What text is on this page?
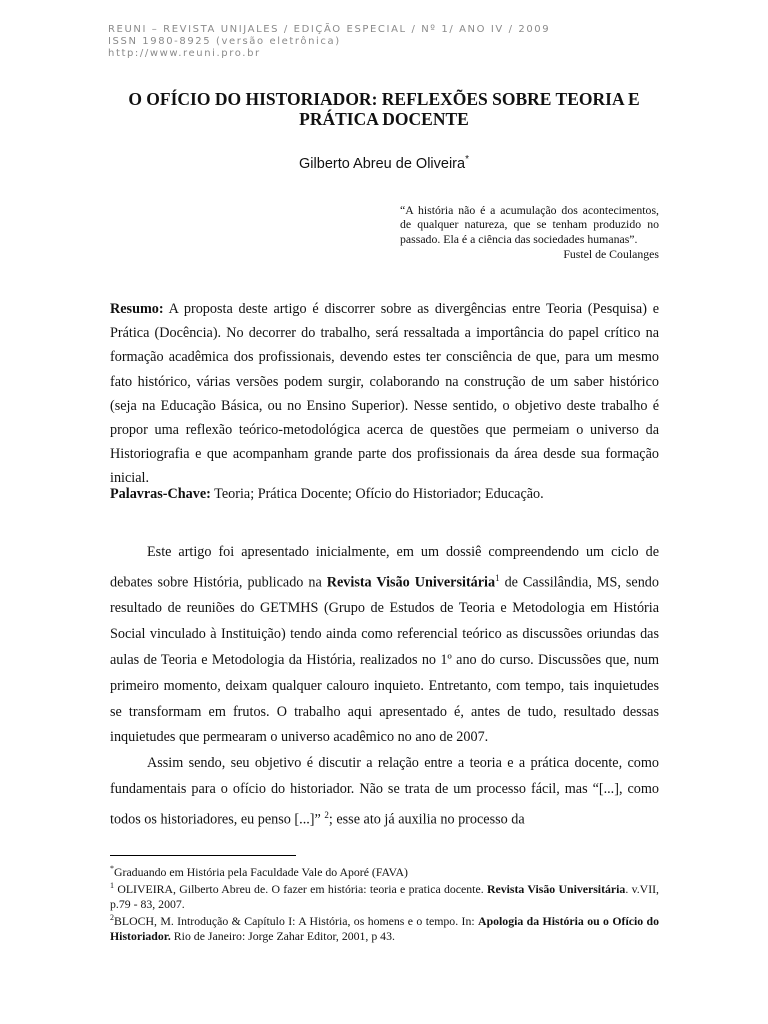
REUNI – REVISTA UNIJALES / EDIÇÃO ESPECIAL / Nº 1/ ANO IV / 2009
ISSN 1980-8925 (versão eletrônica)
http://www.reuni.pro.br
O OFÍCIO DO HISTORIADOR: REFLEXÕES SOBRE TEORIA E PRÁTICA DOCENTE
Gilberto Abreu de Oliveira*
“A história não é a acumulação dos acontecimentos, de qualquer natureza, que se tenham produzido no passado. Ela é a ciência das sociedades humanas”.
Fustel de Coulanges
Resumo: A proposta deste artigo é discorrer sobre as divergências entre Teoria (Pesquisa) e Prática (Docência). No decorrer do trabalho, será ressaltada a importância do papel crítico na formação acadêmica dos profissionais, devendo estes ter consciência de que, para um mesmo fato histórico, várias versões podem surgir, colaborando na construção de um saber histórico (seja na Educação Básica, ou no Ensino Superior). Nesse sentido, o objetivo deste trabalho é propor uma reflexão teórico-metodológica acerca de questões que permeiam o universo da Historiografia e que acompanham grande parte dos profissionais da área desde sua formação inicial.
Palavras-Chave: Teoria; Prática Docente; Ofício do Historiador; Educação.

Este artigo foi apresentado inicialmente, em um dossiê compreendendo um ciclo de debates sobre História, publicado na Revista Visão Universitária$^1$ de Cassilândia, MS, sendo resultado de reuniões do GETMHS (Grupo de Estudos de Teoria e Metodologia em História Social vinculado à Instituição) tendo ainda como referencial teórico as discussões oriundas das aulas de Teoria e Metodologia da História, realizados no 1º ano do curso. Discussões que, num primeiro momento, deixam qualquer calouro inquieto. Entretanto, com tempo, tais inquietudes se transformam em frutos. O trabalho aqui apresentado é, antes de tudo, resultado dessas inquietudes que permearam o universo acadêmico no ano de 2007.

Assim sendo, seu objetivo é discutir a relação entre a teoria e a prática docente, como fundamentais para o ofício do historiador. Não se trata de um processo fácil, mas “[...], como todos os historiadores, eu penso [...]” $^2$; esse ato já auxilia no processo da

*Graduando em História pela Faculdade Vale do Aporé (FAVA)

$^1$ OLIVEIRA, Gilberto Abreu de. O fazer em história: teoria e pratica docente. Revista Visão Universitária. v.VII, p.79 - 83, 2007.

$^2$BLOCH, M. Introdução & Capítulo I: A História, os homens e o tempo. In: Apologia da História ou o Ofício do Historiador. Rio de Janeiro: Jorge Zahar Editor, 2001, p 43.
